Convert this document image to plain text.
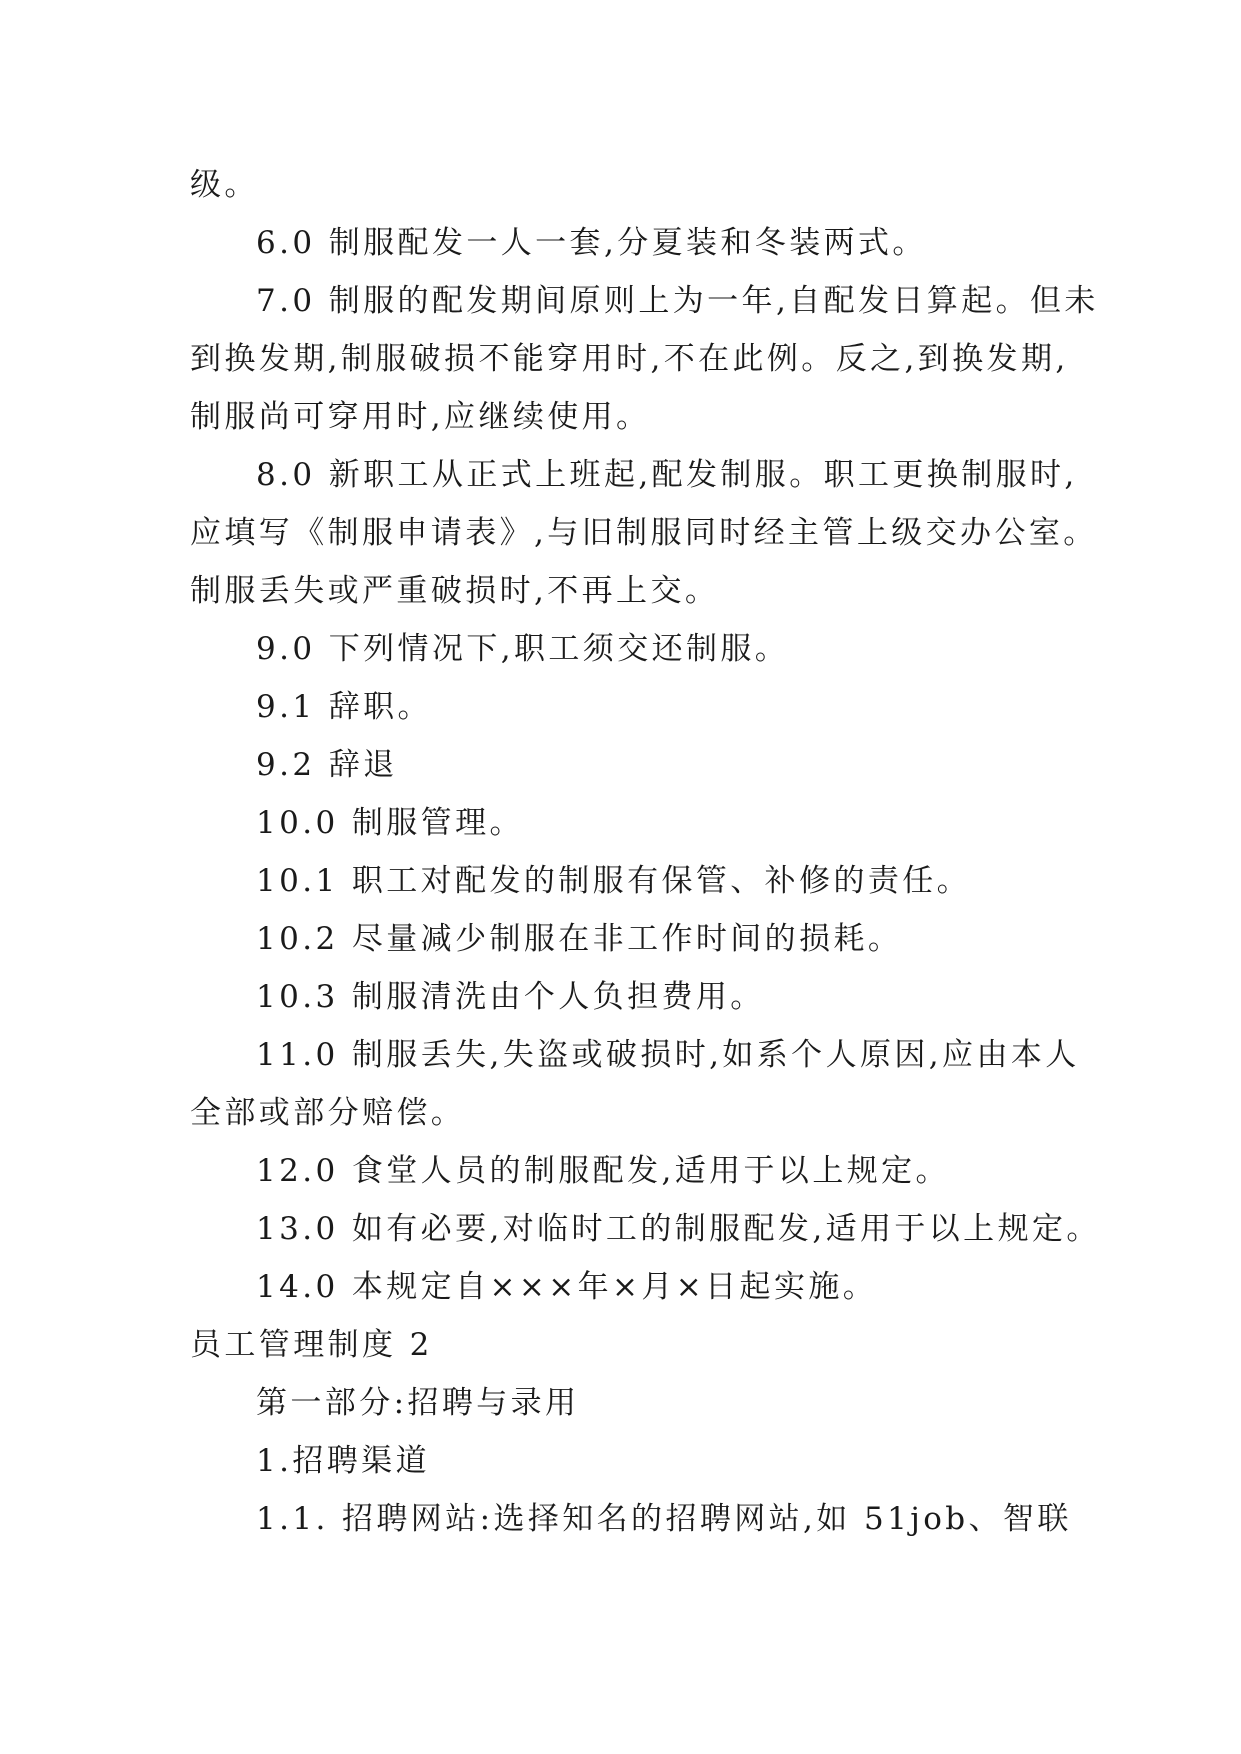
级。
6.0 制服配发一人一套,分夏装和冬装两式。
7.0 制服的配发期间原则上为一年,自配发日算起。但未
到换发期,制服破损不能穿用时,不在此例。反之,到换发期,
制服尚可穿用时,应继续使用。
8.0 新职工从正式上班起,配发制服。职工更换制服时,
应填写《制服申请表》,与旧制服同时经主管上级交办公室。
制服丢失或严重破损时,不再上交。
9.0 下列情况下,职工须交还制服。
9.1 辞职。
9.2 辞退
10.0 制服管理。
10.1 职工对配发的制服有保管、补修的责任。
10.2 尽量减少制服在非工作时间的损耗。
10.3 制服清洗由个人负担费用。
11.0 制服丢失,失盗或破损时,如系个人原因,应由本人
全部或部分赔偿。
12.0 食堂人员的制服配发,适用于以上规定。
13.0 如有必要,对临时工的制服配发,适用于以上规定。
14.0 本规定自×××年×月×日起实施。
员工管理制度 2
第一部分:招聘与录用
1.招聘渠道
1.1. 招聘网站:选择知名的招聘网站,如 51job、智联
